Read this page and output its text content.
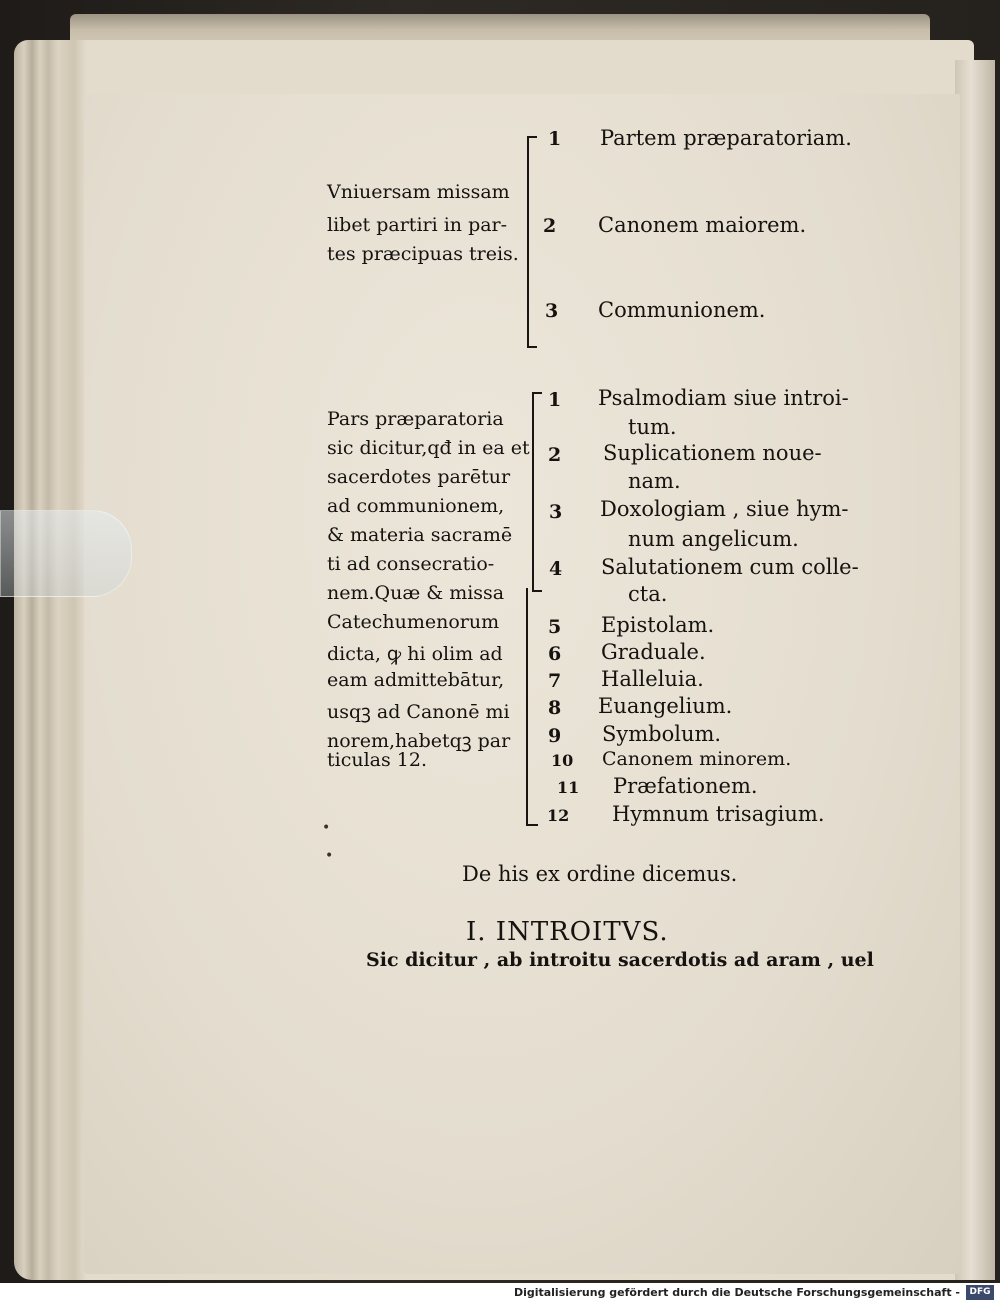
Vniuersam missam
libet partiri in par-
tes præcipuas treis.
1 Partem præparatoriam.
2 Canonem maiorem.
3 Communionem.
Pars præparatoria
sic dicitur,qđ in ea et
sacerdotes parētur
ad communionem,
& materia sacramē
ti ad consecratio-
nem.Quæ & missa
Catechumenorum
dicta, ꝙ hi olim ad
eam admittebātur,
usqꝫ ad Canonē mi
norem,habetqꝫ par
ticulas 12.
1 Psalmodiam siue introi-
tum.
2 Suplicationem noue-
nam.
3 Doxologiam , siue hym-
num angelicum.
4 Salutationem cum colle-
cta.
5 Epistolam.
6 Graduale.
7 Halleluia.
8 Euangelium.
9 Symbolum.
10 Canonem minorem.
11 Præfationem.
12 Hymnum trisagium.
•
•
De his ex ordine dicemus.
I. INTROITVS.
Sic dicitur , ab introitu sacerdotis ad aram , uel
Digitalisierung gefördert durch die Deutsche Forschungsgemeinschaft -	DFG
